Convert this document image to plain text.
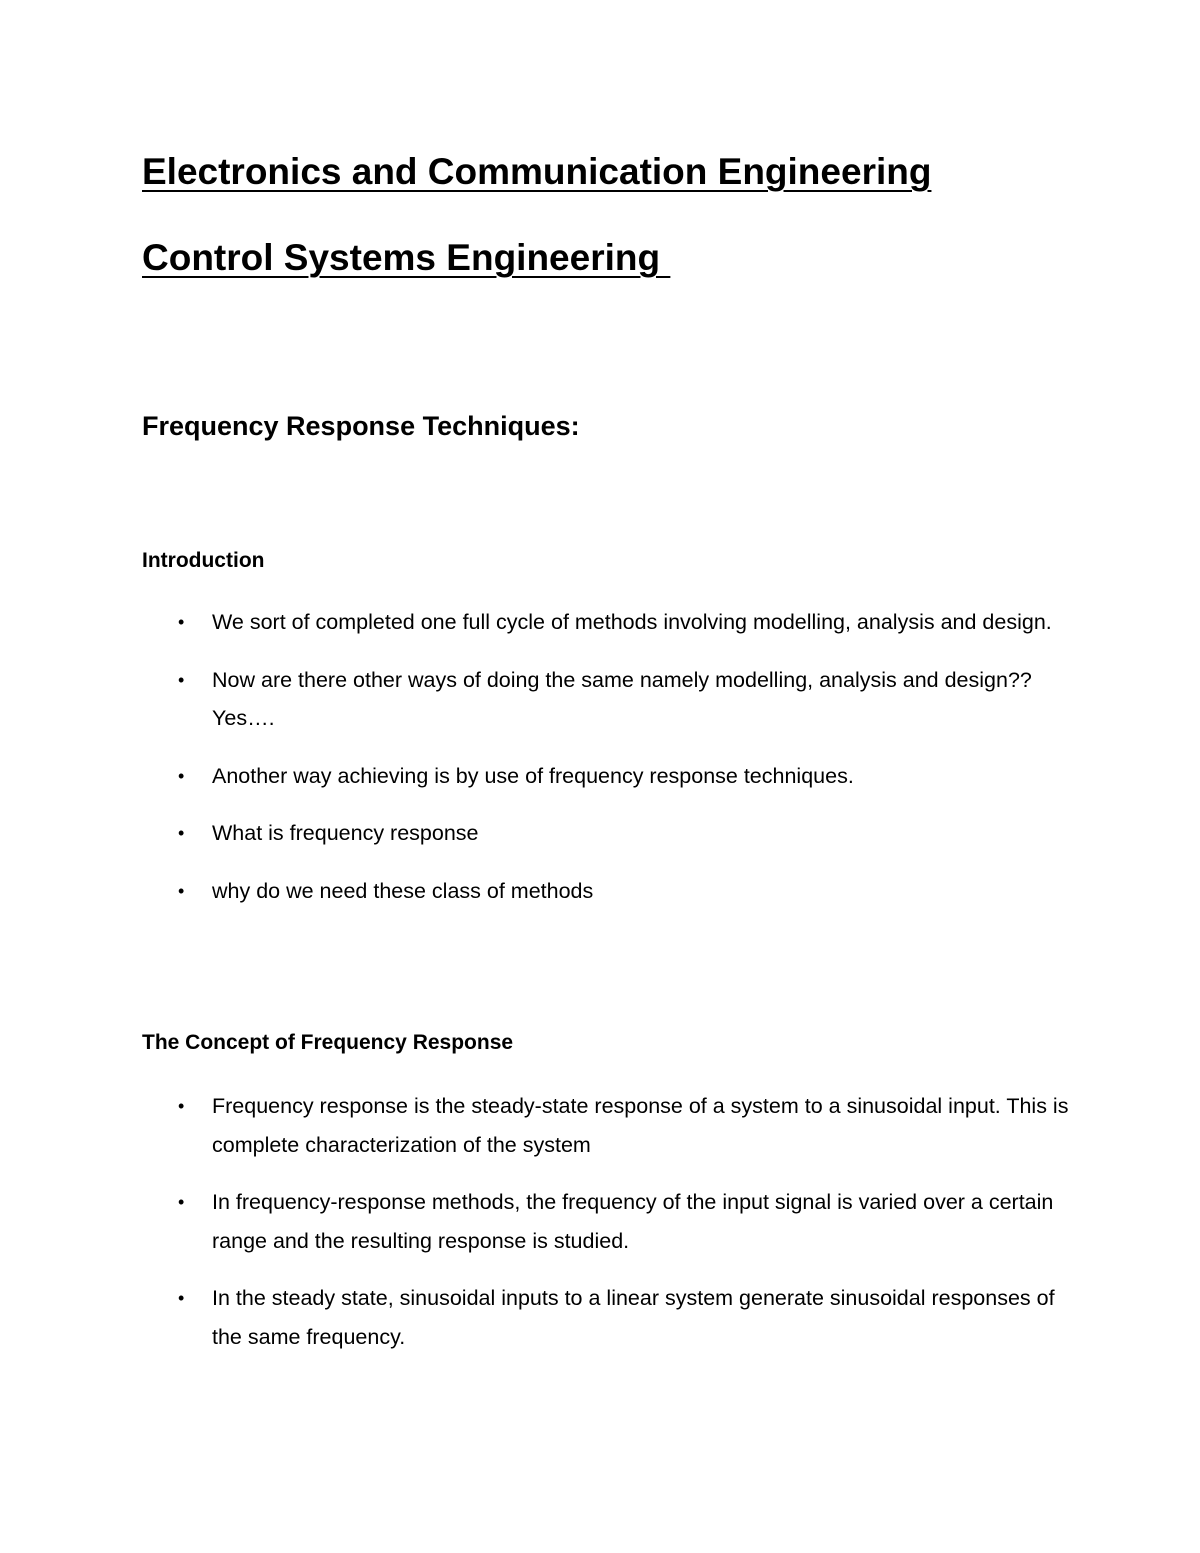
Electronics and Communication Engineering
Control Systems Engineering
Frequency Response Techniques:
Introduction
• We sort of completed one full cycle of methods involving modelling, analysis and design.
• Now are there other ways of doing the same namely modelling, analysis and design?? Yes….
• Another way achieving is by use of frequency response techniques.
• What is frequency response
• why do we need these class of methods
The Concept of Frequency Response
• Frequency response is the steady-state response of a system to a sinusoidal input. This is complete characterization of the system
• In frequency-response methods, the frequency of the input signal is varied over a certain range and the resulting response is studied.
• In the steady state, sinusoidal inputs to a linear system generate sinusoidal responses of the same frequency.
